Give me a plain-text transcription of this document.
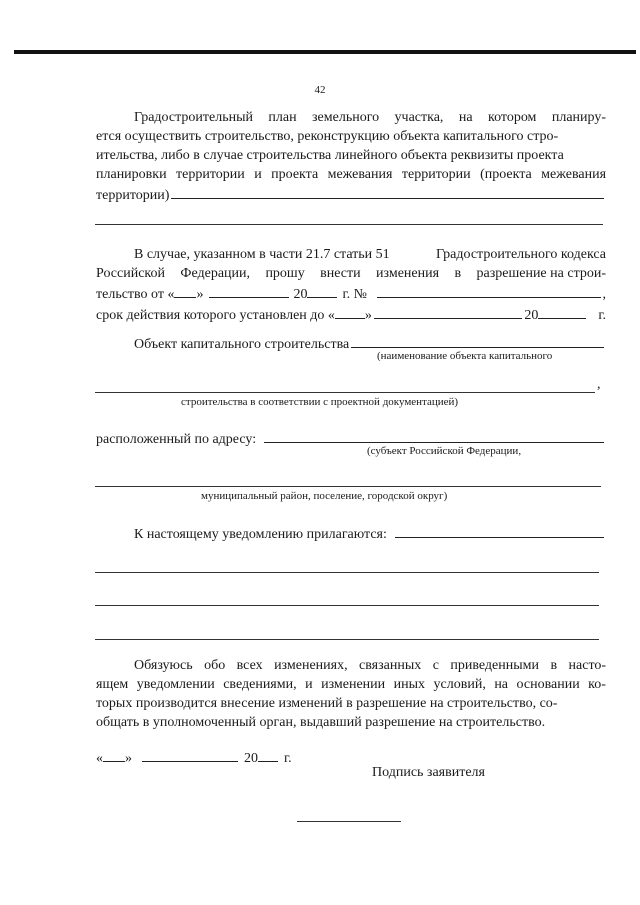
42
Градостроительный план земельного участка, на котором планиру-
ется осуществить строительство, реконструкцию объекта капитального стро-
ительства, либо в случае строительства линейного объекта реквизиты проекта
планировки территории и проекта межевания территории (проекта межевания
территории)
В случае, указанном в части 21.7 статьи 51	Градостроительного кодекса
Российской Федерации, прошу внести изменения в разрешение на строи-
тельство от « »	20	г. №	,
срок действия которого установлен до « »	20	г.
Объект капитального строительства
(наименование объекта капитального
,
строительства в соответствии с проектной документацией)
расположенный по адресу:
(субъект Российской Федерации,
муниципальный район, поселение, городской округ)
К настоящему уведомлению прилагаются:
Обязуюсь обо всех изменениях, связанных с приведенными в насто-
ящем уведомлении сведениями, и изменении иных условий, на основании ко-
торых производится внесение изменений в разрешение на строительство, со-
общать в уполномоченный орган, выдавший разрешение на строительство.
« »	20 г.
Подпись заявителя
